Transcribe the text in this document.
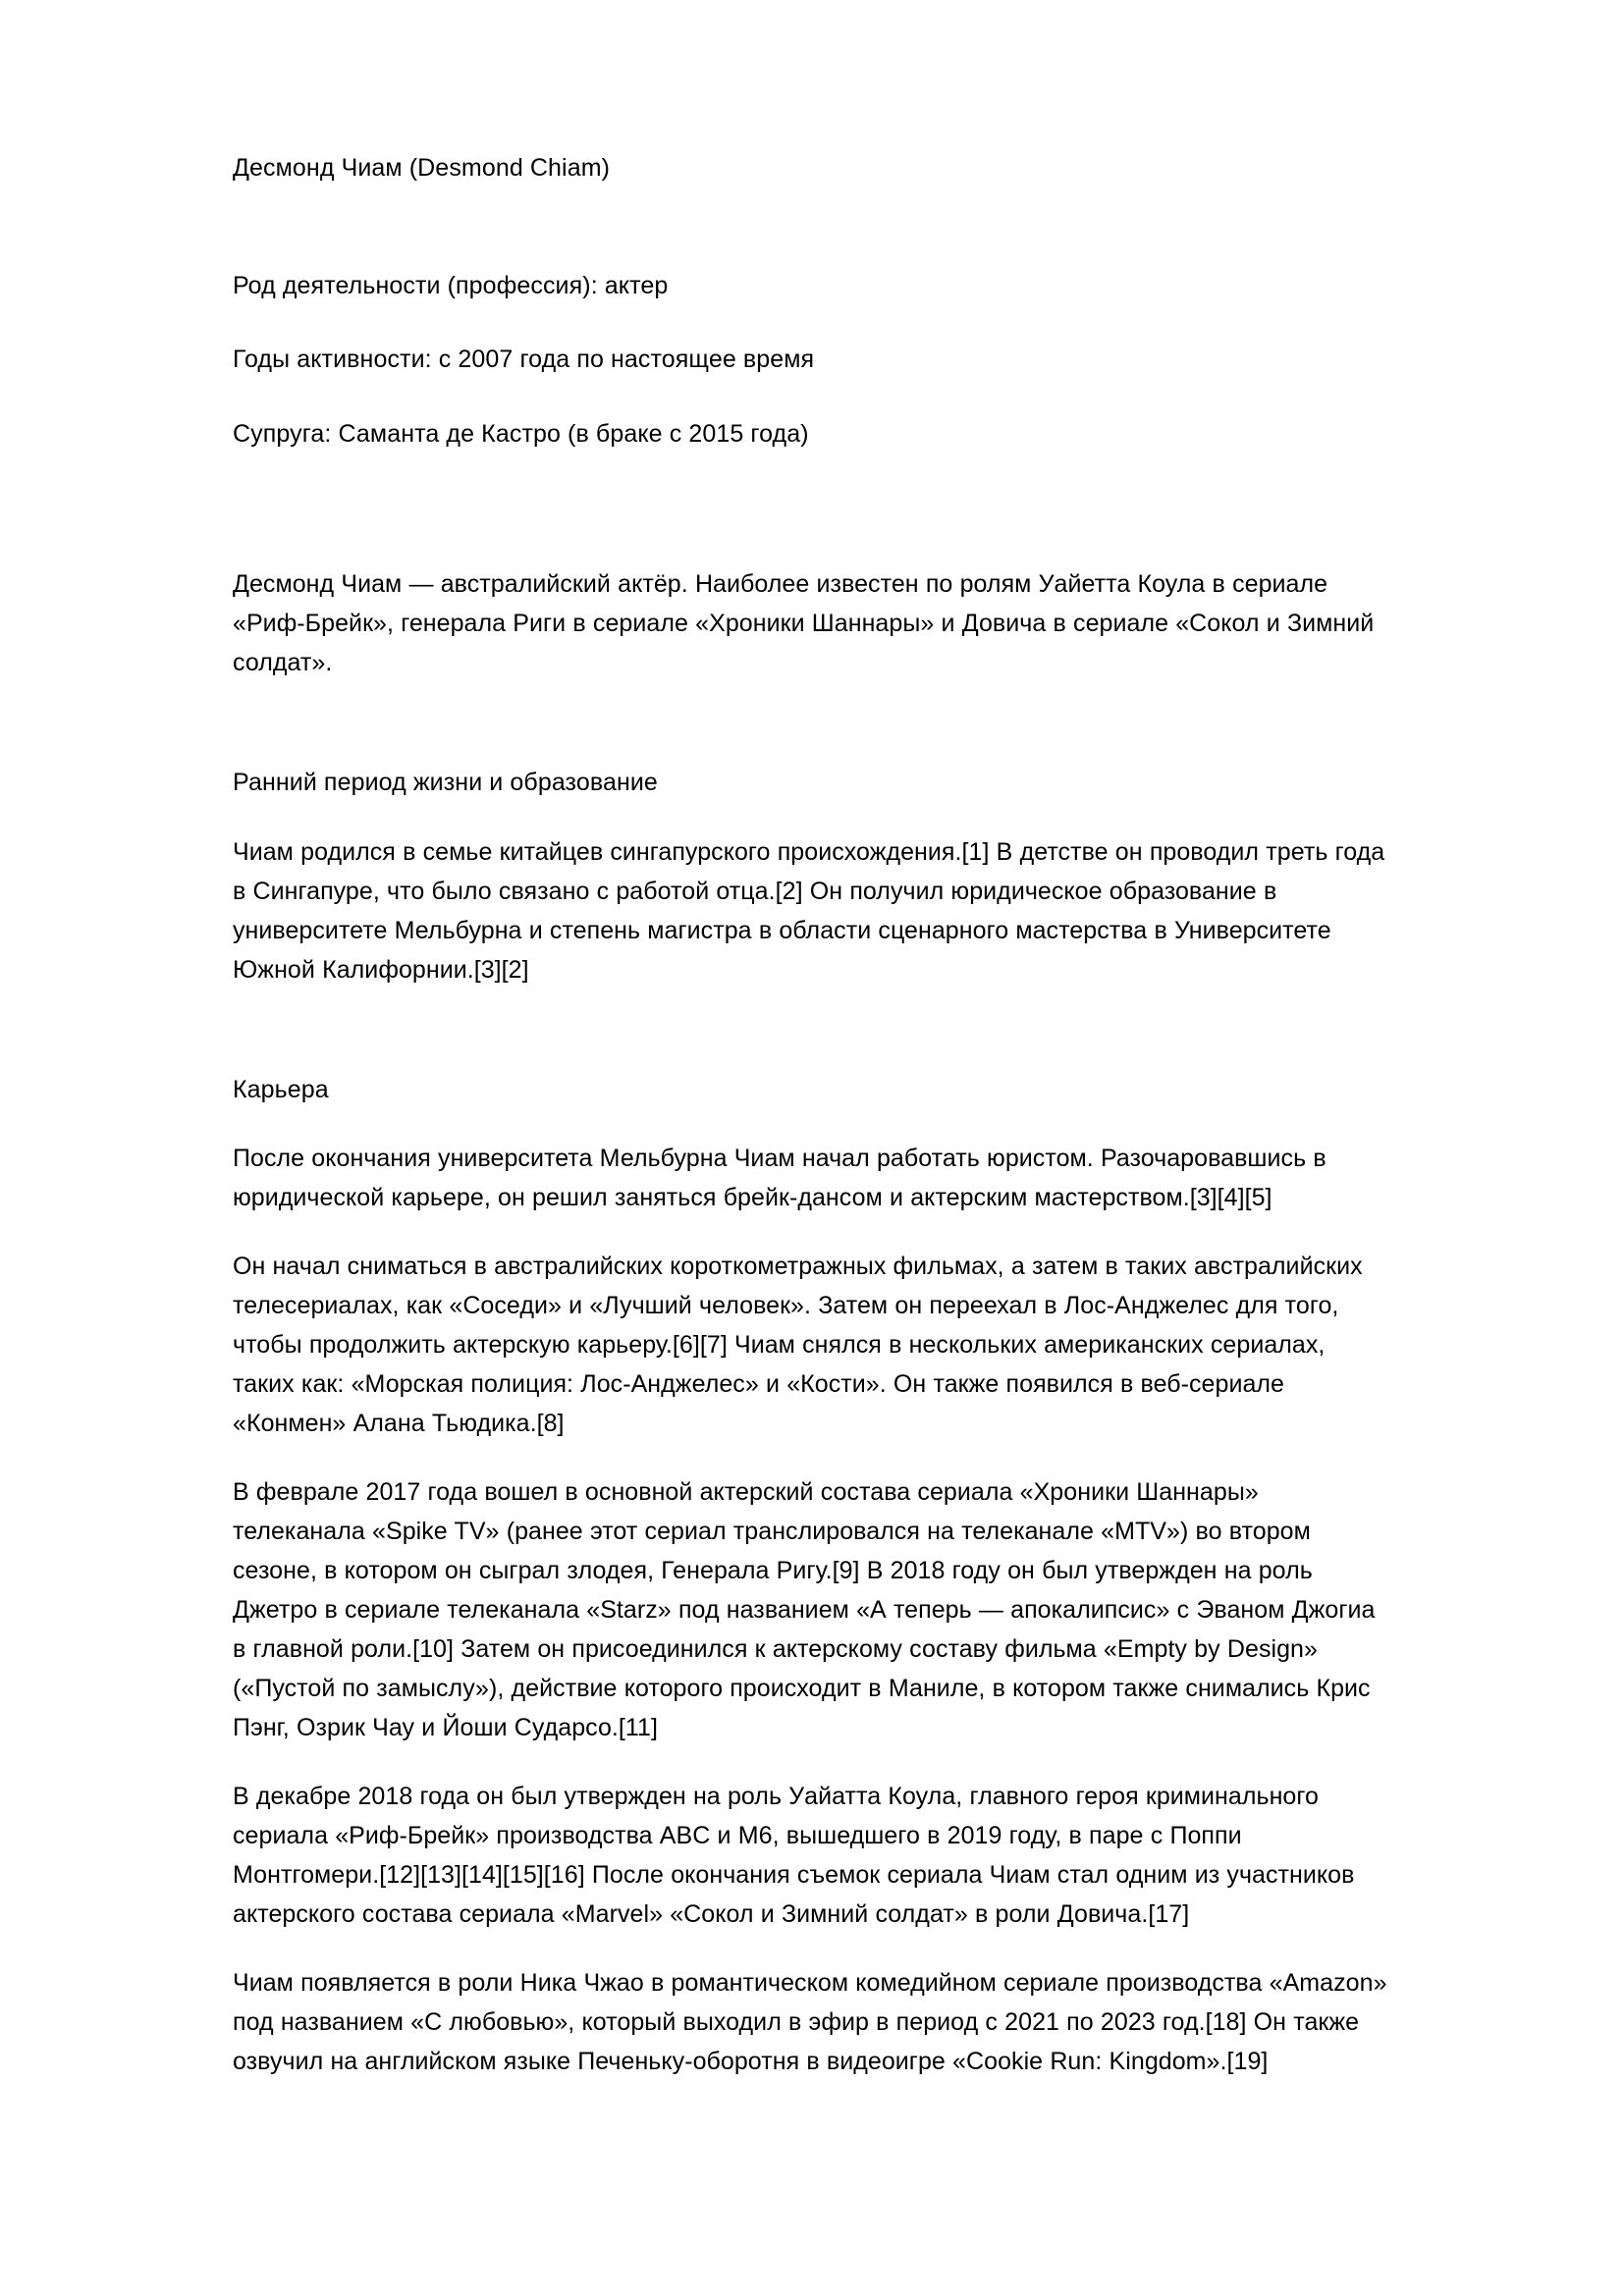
Десмонд Чиам (Desmond Chiam)
Род деятельности (профессия): актер
Годы активности: с 2007 года по настоящее время
Супруга: Саманта де Кастро (в браке с 2015 года)

Десмонд Чиам — австралийский актёр. Наиболее известен по ролям Уайетта Коула в сериале «Риф-Брейк», генерала Риги в сериале «Хроники Шаннары» и Довича в сериале «Сокол и Зимний солдат».

Ранний период жизни и образование

Чиам родился в семье китайцев сингапурского происхождения.[1] В детстве он проводил треть года в Сингапуре, что было связано с работой отца.[2] Он получил юридическое образование в университете Мельбурна и степень магистра в области сценарного мастерства в Университете Южной Калифорнии.[3][2]

Карьера

После окончания университета Мельбурна Чиам начал работать юристом. Разочаровавшись в юридической карьере, он решил заняться брейк-дансом и актерским мастерством.[3][4][5]

Он начал сниматься в австралийских короткометражных фильмах, а затем в таких австралийских телесериалах, как «Соседи» и «Лучший человек». Затем он переехал в Лос-Анджелес для того, чтобы продолжить актерскую карьеру.[6][7] Чиам снялся в нескольких американских сериалах, таких как: «Морская полиция: Лос-Анджелес» и «Кости». Он также появился в веб-сериале «Конмен» Алана Тьюдика.[8]

В феврале 2017 года вошел в основной актерский состава сериала «Хроники Шаннары» телеканала «Spike TV» (ранее этот сериал транслировался на телеканале «MTV») во втором сезоне, в котором он сыграл злодея, Генерала Ригу.[9] В 2018 году он был утвержден на роль Джетро в сериале телеканала «Starz» под названием «А теперь — апокалипсис» с Эваном Джогиа в главной роли.[10] Затем он присоединился к актерскому составу фильма «Empty by Design» («Пустой по замыслу»), действие которого происходит в Маниле, в котором также снимались Крис Пэнг, Озрик Чау и Йоши Сударсо.[11]

В декабре 2018 года он был утвержден на роль Уайатта Коула, главного героя криминального сериала «Риф-Брейк» производства ABC и M6, вышедшего в 2019 году, в паре с Поппи Монтгомери.[12][13][14][15][16] После окончания съемок сериала Чиам стал одним из участников актерского состава сериала «Marvel» «Сокол и Зимний солдат» в роли Довича.[17]

Чиам появляется в роли Ника Чжао в романтическом комедийном сериале производства «Amazon» под названием «С любовью», который выходил в эфир в период с 2021 по 2023 год.[18] Он также озвучил на английском языке Печеньку-оборотня в видеоигре «Cookie Run: Kingdom».[19]
